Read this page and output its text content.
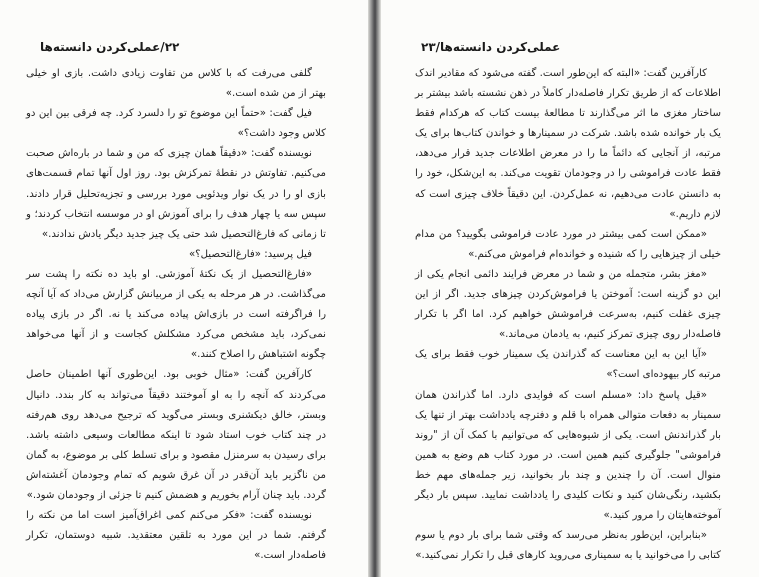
۲۲/عملی‌کردن دانسته‌ها

گلفی می‌رفت که با کلاس من تفاوت زیادی داشت. بازی او خیلی بهتر از من شده است.»

فیل گفت: «حتماً این موضوع تو را دلسرد کرد. چه فرقی بین این دو کلاس وجود داشت؟»

نویسنده گفت: «دقیقاً همان چیزی که من و شما در باره‌اش صحبت می‌کنیم. تفاوتش در نقطهٔ تمرکزش بود. روز اول آنها تمام قسمت‌های بازی او را در یک نوار ویدئویی مورد بررسی و تجزیه‌تحلیل قرار دادند. سپس سه یا چهار هدف را برای آموزش او در موسسه انتخاب کردند؛ و تا زمانی که فارغ‌التحصیل شد حتی یک چیز جدید دیگر یادش ندادند.»

فیل پرسید: «فارغ‌التحصیل؟»

«فارغ‌التحصیل از یک نکتهٔ آموزشی. او باید ده نکته را پشت سر می‌گذاشت. در هر مرحله به یکی از مربیانش گزارش می‌داد که آیا آنچه را فراگرفته است در بازی‌اش پیاده می‌کند یا نه. اگر در بازی پیاده نمی‌کرد، باید مشخص می‌کرد مشکلش کجاست و از آنها می‌خواهد چگونه اشتباهش را اصلاح کنند.»

کارآفرین گفت: «مثال خوبی بود. این‌طوری آنها اطمینان حاصل می‌کردند که آنچه را به او آموختند دقیقاً می‌تواند به کار بندد. دانیال وبستر، خالق دیکشنری وبستر می‌گوید که ترجیح می‌دهد روی هم‌رفته در چند کتاب خوب استاد شود تا اینکه مطالعات وسیعی داشته باشد. برای رسیدن به سرمنزل مقصود و برای تسلط کلی بر موضوع، به گمان من ناگزیر باید آن‌قدر در آن غرق شویم که تمام وجودمان آغشته‌اش گردد. باید چنان آرام بخوریم و هضمش کنیم تا جزئی از وجودمان شود.»

نویسنده گفت: «فکر می‌کنم کمی اغراق‌آمیز است اما من نکته را گرفتم. شما در این مورد به تلقین معتقدید. شبیه دوستمان، تکرار فاصله‌دار است.»

عملی‌کردن دانسته‌ها/۲۳

کارآفرین گفت: «البته که این‌طور است. گفته می‌شود که مقادیر اندک اطلاعات که از طریق تکرار فاصله‌دار کاملاً در ذهن نشسته باشد بیشتر بر ساختار مغزی ما اثر می‌گذارند تا مطالعهٔ بیست کتاب که هرکدام فقط یک بار خوانده شده باشد. شرکت در سمینارها و خواندن کتاب‌ها برای یک مرتبه، از آنجایی که دائماً ما را در معرض اطلاعات جدید قرار می‌دهد، فقط عادت فراموشی را در وجودمان تقویت می‌کند. به این‌شکل، خود را به دانستن عادت می‌دهیم، نه عمل‌کردن. این دقیقاً خلاف چیزی است که لازم داریم.»

«ممکن است کمی بیشتر در مورد عادت فراموشی بگویید؟ من مدام خیلی از چیزهایی را که شنیده و خوانده‌ام فراموش می‌کنم.»

«مغز بشر، متجمله من و شما در معرض فرایند دائمی انجام یکی از این دو گزینه است: آموختن یا فراموش‌کردن چیزهای جدید. اگر از این چیزی غفلت کنیم، به‌سرعت فراموشش خواهیم کرد. اما اگر با تکرار فاصله‌دار روی چیزی تمرکز کنیم، به یادمان می‌ماند.»

«آیا این به این معناست که گذراندن یک سمینار خوب فقط برای یک مرتبه کار بیهوده‌ای است؟»

«قیل پاسخ داد: «مسلم است که فوایدی دارد. اما گذراندن همان سمینار به دفعات متوالی همراه با قلم و دفترچه یادداشت بهتر از تنها یک بار گذراندنش است. یکی از شیوه‌هایی که می‌توانیم با کمک آن از "روند فراموشی" جلوگیری کنیم همین است. در مورد کتاب هم وضع به همین منوال است. آن را چندین و چند بار بخوانید، زیر جمله‌های مهم خط بکشید، رنگی‌شان کنید و نکات کلیدی را یادداشت نمایید. سپس بار دیگر آموخته‌هایتان را مرور کنید.»

«بنابراین، این‌طور به‌نظر می‌رسد که وقتی شما برای بار دوم یا سوم کتابی را می‌خوانید یا به سمیناری می‌روید کارهای قبل را تکرار نمی‌کنید.»
